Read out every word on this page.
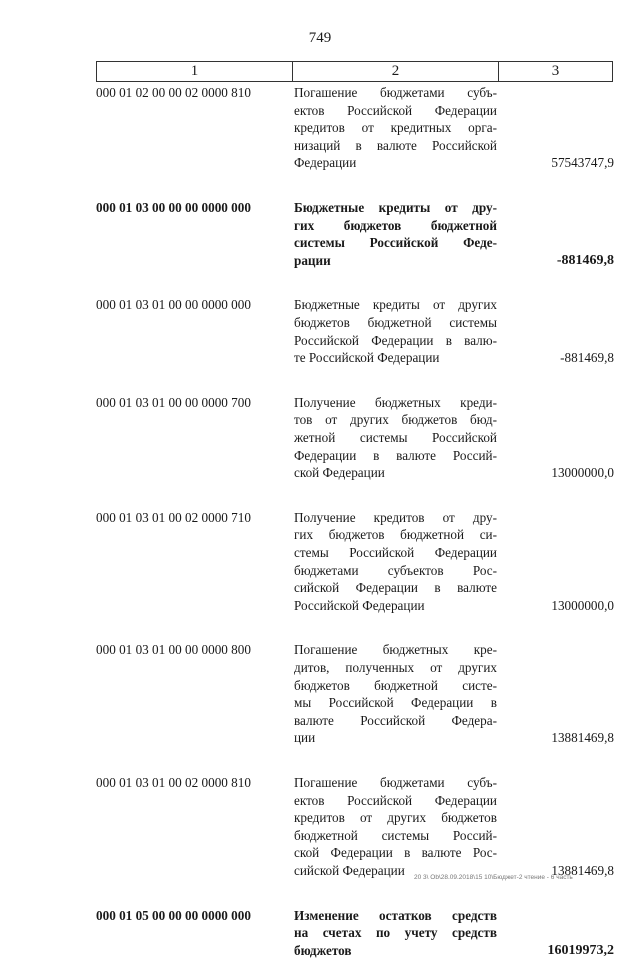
749
1	2	3
000 01 02 00 00 02 0000 810	Погашение бюджетами субъ-
ектов Российской Федерации
кредитов от кредитных орга-
низаций в валюте Российской
Федерации	57543747,9
000 01 03 00 00 00 0000 000	Бюджетные кредиты от дру-
гих бюджетов бюджетной
системы Российской Феде-
рации	-881469,8
000 01 03 01 00 00 0000 000	Бюджетные кредиты от других
бюджетов бюджетной системы
Российской Федерации в валю-
те Российской Федерации	-881469,8
000 01 03 01 00 00 0000 700	Получение бюджетных креди-
тов от других бюджетов бюд-
жетной системы Российской
Федерации в валюте Россий-
ской Федерации	13000000,0
000 01 03 01 00 02 0000 710	Получение кредитов от дру-
гих бюджетов бюджетной си-
стемы Российской Федерации
бюджетами субъектов Рос-
сийской Федерации в валюте
Российской Федерации	13000000,0
000 01 03 01 00 00 0000 800	Погашение бюджетных кре-
дитов, полученных от других
бюджетов бюджетной систе-
мы Российской Федерации в
валюте Российской Федера-
ции	13881469,8
000 01 03 01 00 02 0000 810	Погашение бюджетами субъ-
ектов Российской Федерации
кредитов от других бюджетов
бюджетной системы Россий-
ской Федерации в валюте Рос-
сийской Федерации	13881469,8
000 01 05 00 00 00 0000 000	Изменение остатков средств
на счетах по учету средств
бюджетов	16019973,2
20 3\ Ob\28.09.2018\15 10\Бюджет-2 чтение - 6 часть
